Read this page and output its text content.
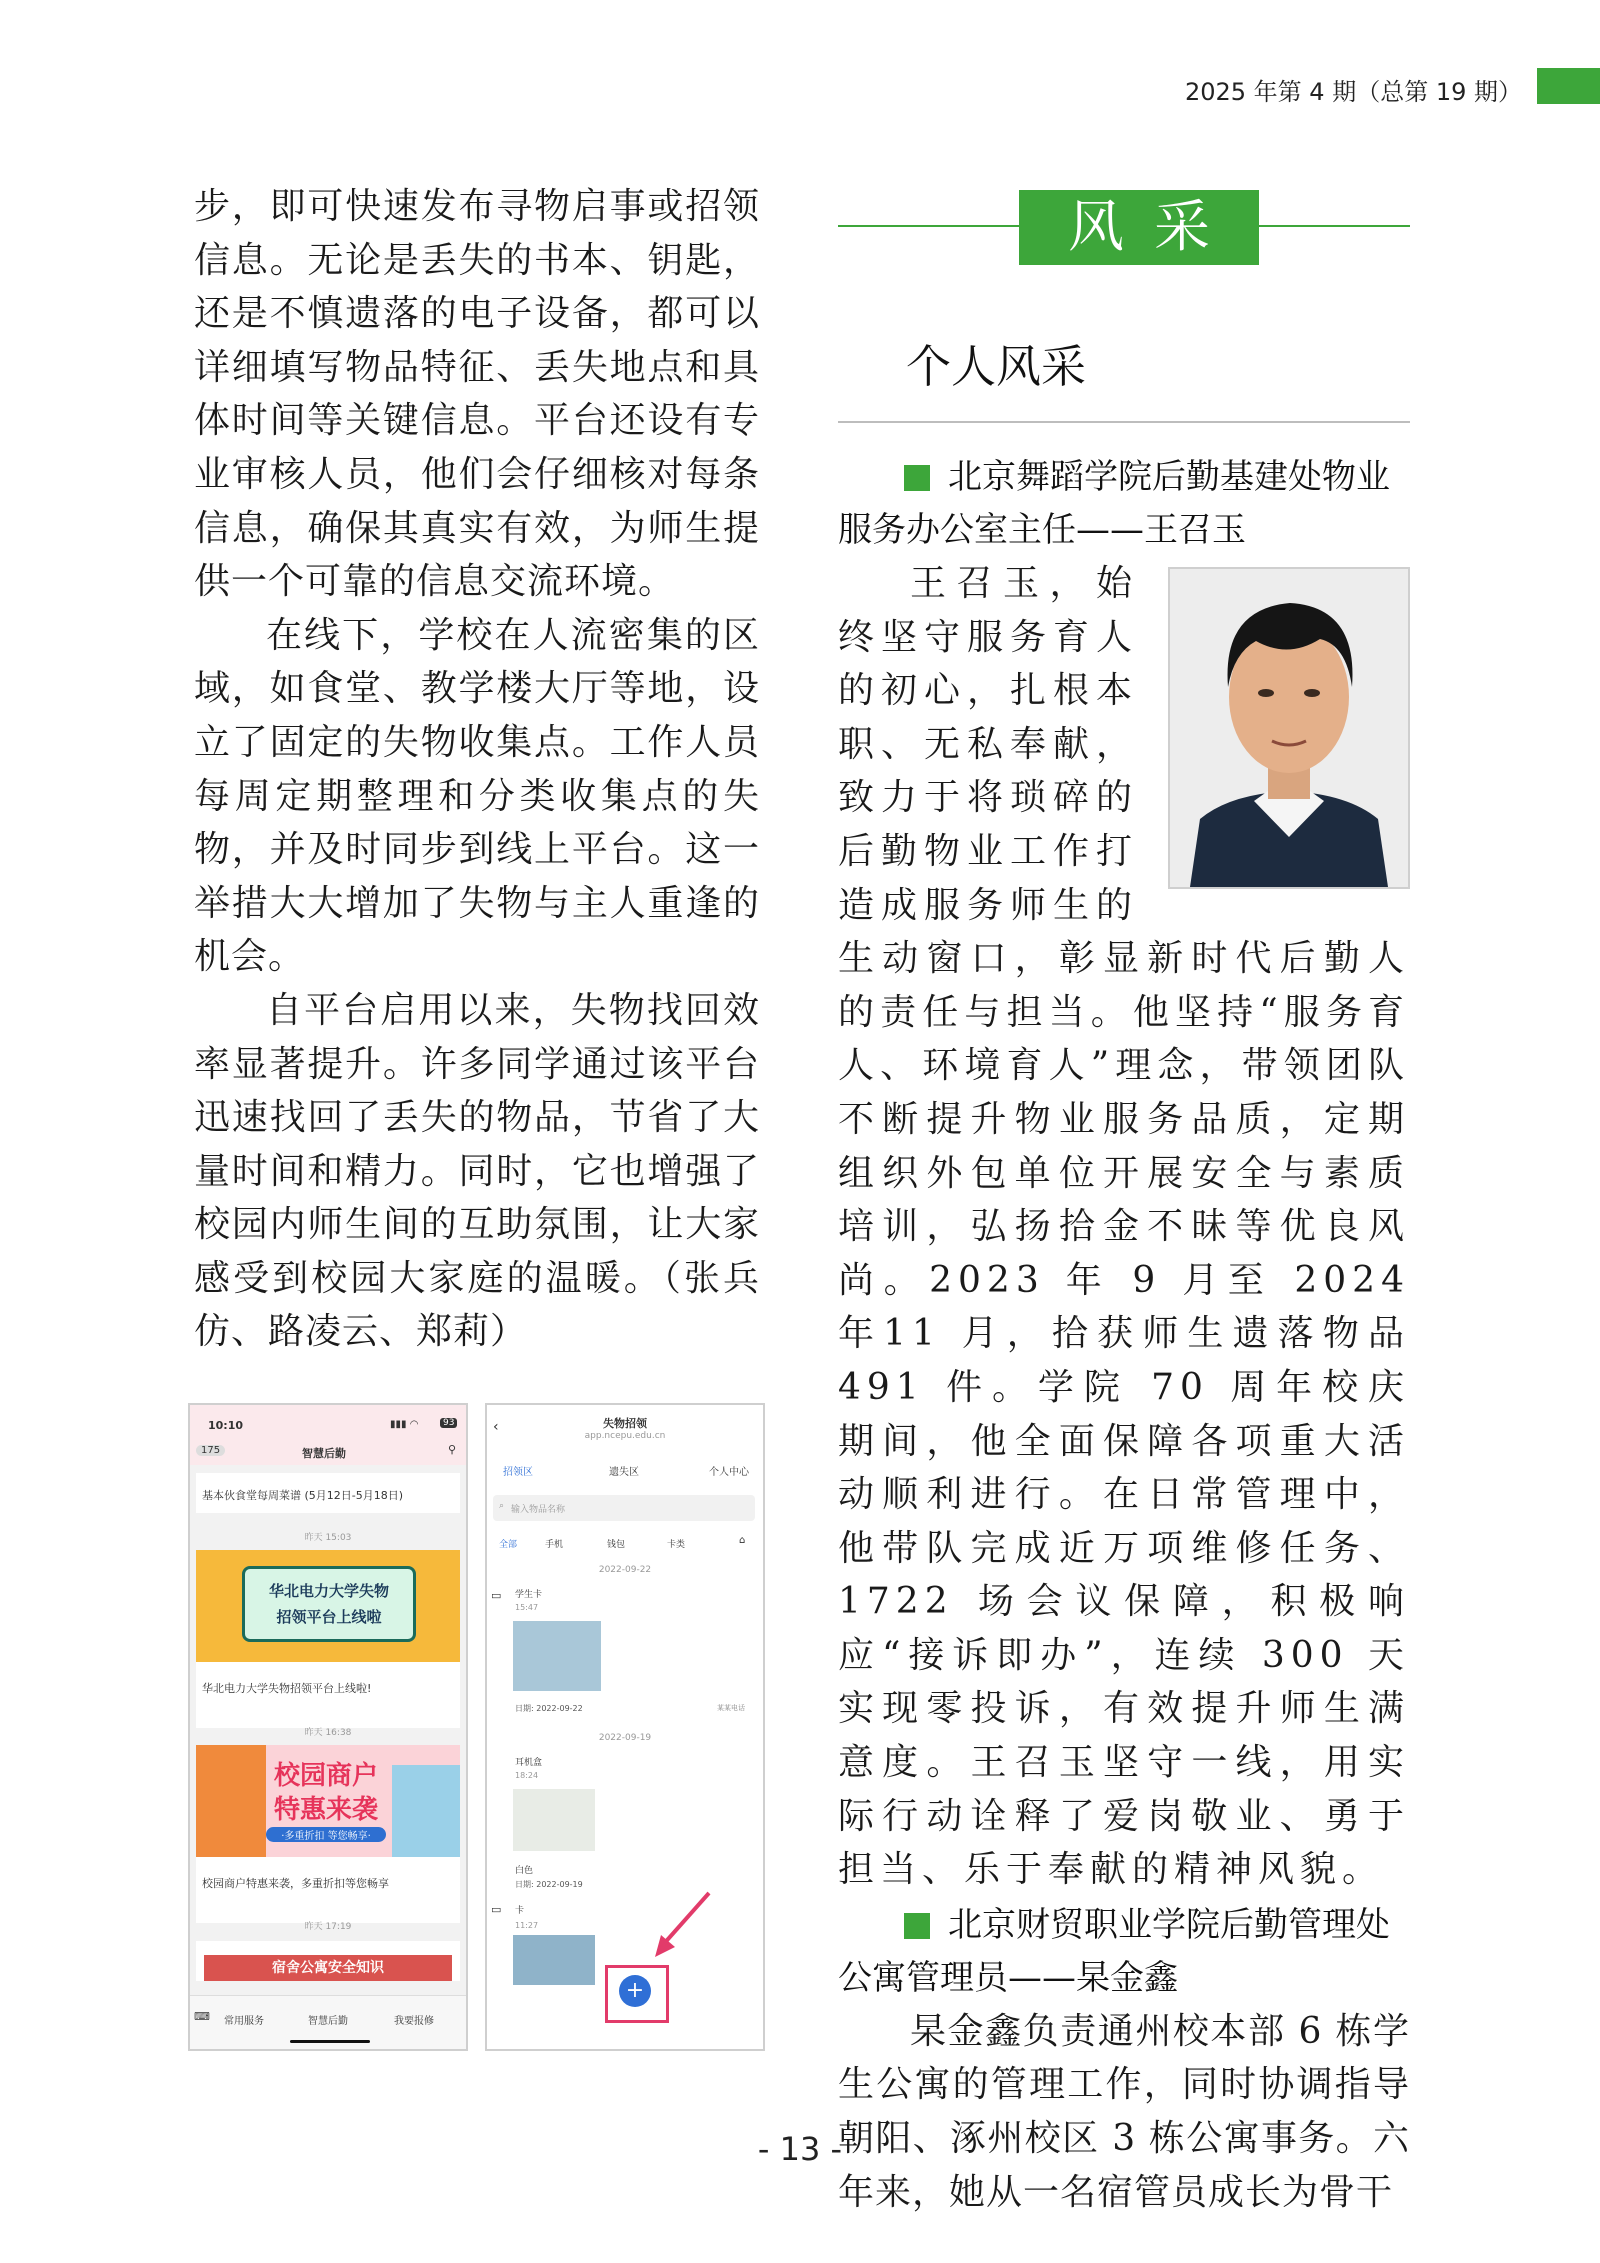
2025 年第 4 期（总第 19 期）

步，即可快速发布寻物启事或招领信息。无论是丢失的书本、钥匙，还是不慎遗落的电子设备，都可以详细填写物品特征、丢失地点和具体时间等关键信息。平台还设有专业审核人员，他们会仔细核对每条信息，确保其真实有效，为师生提供一个可靠的信息交流环境。

在线下，学校在人流密集的区域，如食堂、教学楼大厅等地，设立了固定的失物收集点。工作人员每周定期整理和分类收集点的失物，并及时同步到线上平台。这一举措大大增加了失物与主人重逢的机会。

自平台启用以来，失物找回效率显著提升。许多同学通过该平台迅速找回了丢失的物品，节省了大量时间和精力。同时，它也增强了校园内师生间的互助氛围，让大家感受到校园大家庭的温暖。（张兵仿、路凌云、郑莉）

10:10	▮▮▮ ◠	93
175	智慧后勤	⚲
基本伙食堂每周菜谱 (5月12日-5月18日)
昨天 15:03
华北电力大学失物
招领平台上线啦
华北电力大学失物招领平台上线啦!
昨天 16:38
校园商户
特惠来袭
·多重折扣 等您畅享·
校园商户特惠来袭，多重折扣等您畅享
昨天 17:19
宿舍公寓安全知识
⌨ 常用服务	智慧后勤	我要报修
‹	失物招领
app.ncepu.edu.cn
招领区	遗失区	个人中心
⌕ 输入物品名称
全部	手机	钱包	卡类	⌂
2022-09-22
▭ 学生卡
15:47
日期: 2022-09-22	某某电话
2022-09-19
耳机盒
18:24
白色
日期: 2022-09-19
▭ 卡
11:27
+
风采
个人风采

北京舞蹈学院后勤基建处物业服务办公室主任——王召玉

王召玉，始终坚守服务育人的初心，扎根本职、无私奉献，致力于将琐碎的后勤物业工作打造成服务师生的生动窗口，彰显新时代后勤人的责任与担当。他坚持“服务育人、环境育人”理念，带领团队不断提升物业服务品质，定期组织外包单位开展安全与素质培训，弘扬拾金不昧等优良风尚。2023 年 9 月至 2024 年11 月，拾获师生遗落物品 491 件。学院 70 周年校庆期间，他全面保障各项重大活动顺利进行。在日常管理中，他带队完成近万项维修任务、1722 场会议保障，积极响应“接诉即办”，连续 300 天实现零投诉，有效提升师生满意度。王召玉坚守一线，用实际行动诠释了爱岗敬业、勇于担当、乐于奉献的精神风貌。

北京财贸职业学院后勤管理处公寓管理员——杲金鑫

杲金鑫负责通州校本部 6 栋学生公寓的管理工作，同时协调指导朝阳、涿州校区 3 栋公寓事务。六年来，她从一名宿管员成长为骨干

- 13 -
